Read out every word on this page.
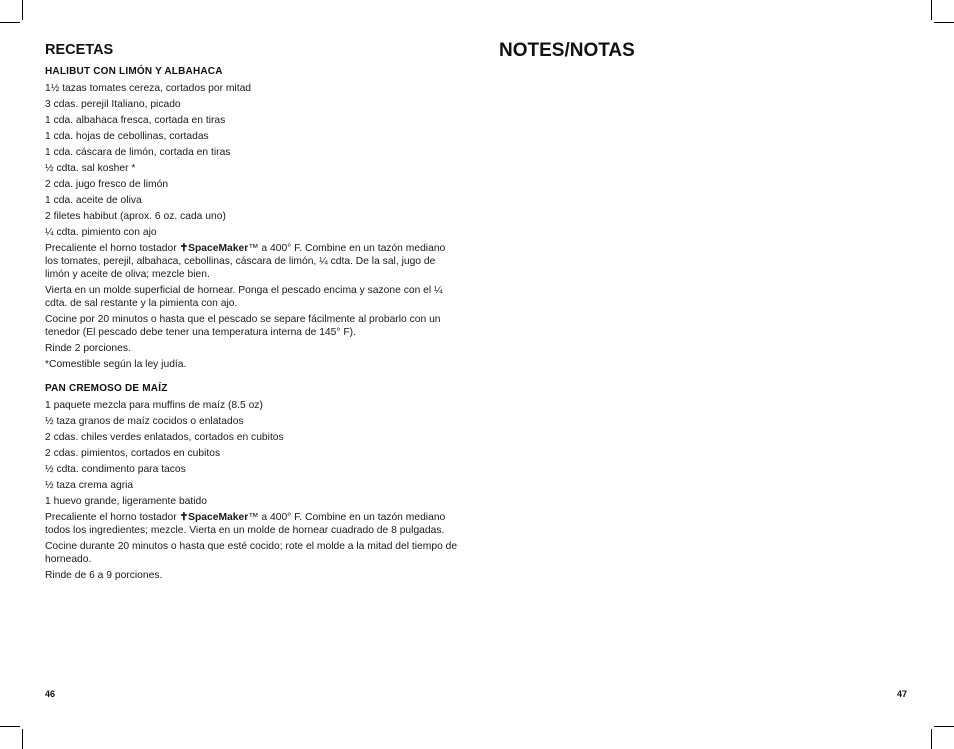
RECETAS
HALIBUT CON LIMÓN Y ALBAHACA
1½ tazas tomates cereza, cortados por mitad
3 cdas. perejil Italiano, picado
1 cda. albahaca fresca, cortada en tiras
1 cda. hojas de cebollinas, cortadas
1 cda. cáscara de limón, cortada en tiras
½ cdta. sal kosher *
2 cda. jugo fresco de limón
1 cda. aceite de oliva
2 filetes habibut (aprox. 6 oz. cada uno)
¼ cdta. pimiento con ajo
Precaliente el horno tostador ✝SpaceMaker™ a 400° F. Combine en un tazón mediano los tomates, perejil, albahaca, cebollinas, cáscara de limón, ¼ cdta. De la sal, jugo de limón y aceite de oliva; mezcle bien.
Vierta en un molde superficial de hornear. Ponga el pescado encima y sazone con el ¼ cdta. de sal restante y la pimienta con ajo.
Cocine por 20 minutos o hasta que el pescado se separe fácilmente al probarlo con un tenedor (El pescado debe tener una temperatura interna de 145° F).
Rinde 2 porciones.
*Comestible según la ley judía.
PAN CREMOSO DE MAÍZ
1 paquete mezcla para muffins de maíz (8.5 oz)
½ taza granos de maíz cocidos o enlatados
2 cdas. chiles verdes enlatados, cortados en cubitos
2 cdas. pimientos, cortados en cubitos
½ cdta. condimento para tacos
½ taza crema agria
1 huevo grande, ligeramente batido
Precaliente el horno tostador ✝SpaceMaker™ a 400° F. Combine en un tazón mediano todos los ingredientes; mezcle. Vierta en un molde de hornear cuadrado de 8 pulgadas.
Cocine durante 20 minutos o hasta que esté cocido; rote el molde a la mitad del tiempo de horneado.
Rinde de 6 a 9 porciones.
46
NOTES/NOTAS
47
